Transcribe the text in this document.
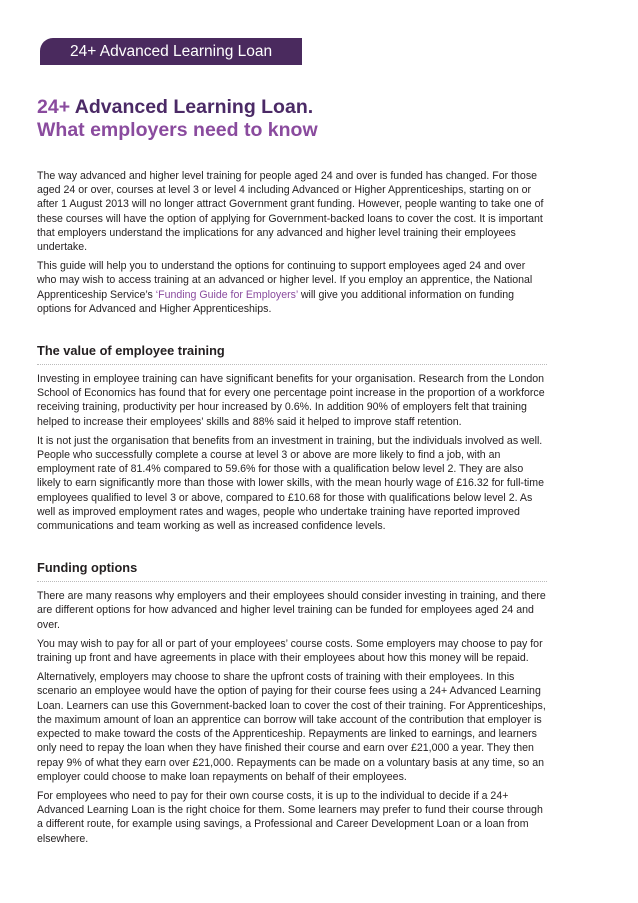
24+ Advanced Learning Loan
24+ Advanced Learning Loan.
What employers need to know

The way advanced and higher level training for people aged 24 and over is funded has changed. For those aged 24 or over, courses at level 3 or level 4 including Advanced or Higher Apprenticeships, starting on or after 1 August 2013 will no longer attract Government grant funding. However, people wanting to take one of these courses will have the option of applying for Government-backed loans to cover the cost. It is important that employers understand the implications for any advanced and higher level training their employees undertake.

This guide will help you to understand the options for continuing to support employees aged 24 and over who may wish to access training at an advanced or higher level. If you employ an apprentice, the National Apprenticeship Service’s ‘Funding Guide for Employers’ will give you additional information on funding options for Advanced and Higher Apprenticeships.

The value of employee training

Investing in employee training can have significant benefits for your organisation. Research from the London School of Economics has found that for every one percentage point increase in the proportion of a workforce receiving training, productivity per hour increased by 0.6%. In addition 90% of employers felt that training helped to increase their employees’ skills and 88% said it helped to improve staff retention.

It is not just the organisation that benefits from an investment in training, but the individuals involved as well. People who successfully complete a course at level 3 or above are more likely to find a job, with an employment rate of 81.4% compared to 59.6% for those with a qualification below level 2. They are also likely to earn significantly more than those with lower skills, with the mean hourly wage of £16.32 for full-time employees qualified to level 3 or above, compared to £10.68 for those with qualifications below level 2. As well as improved employment rates and wages, people who undertake training have reported improved communications and team working as well as increased confidence levels.

Funding options

There are many reasons why employers and their employees should consider investing in training, and there are different options for how advanced and higher level training can be funded for employees aged 24 and over.

You may wish to pay for all or part of your employees’ course costs. Some employers may choose to pay for training up front and have agreements in place with their employees about how this money will be repaid.

Alternatively, employers may choose to share the upfront costs of training with their employees. In this scenario an employee would have the option of paying for their course fees using a 24+ Advanced Learning Loan. Learners can use this Government-backed loan to cover the cost of their training. For Apprenticeships, the maximum amount of loan an apprentice can borrow will take account of the contribution that employer is expected to make toward the costs of the Apprenticeship. Repayments are linked to earnings, and learners only need to repay the loan when they have finished their course and earn over £21,000 a year. They then repay 9% of what they earn over £21,000. Repayments can be made on a voluntary basis at any time, so an employer could choose to make loan repayments on behalf of their employees.

For employees who need to pay for their own course costs, it is up to the individual to decide if a 24+ Advanced Learning Loan is the right choice for them. Some learners may prefer to fund their course through a different route, for example using savings, a Professional and Career Development Loan or a loan from elsewhere.
